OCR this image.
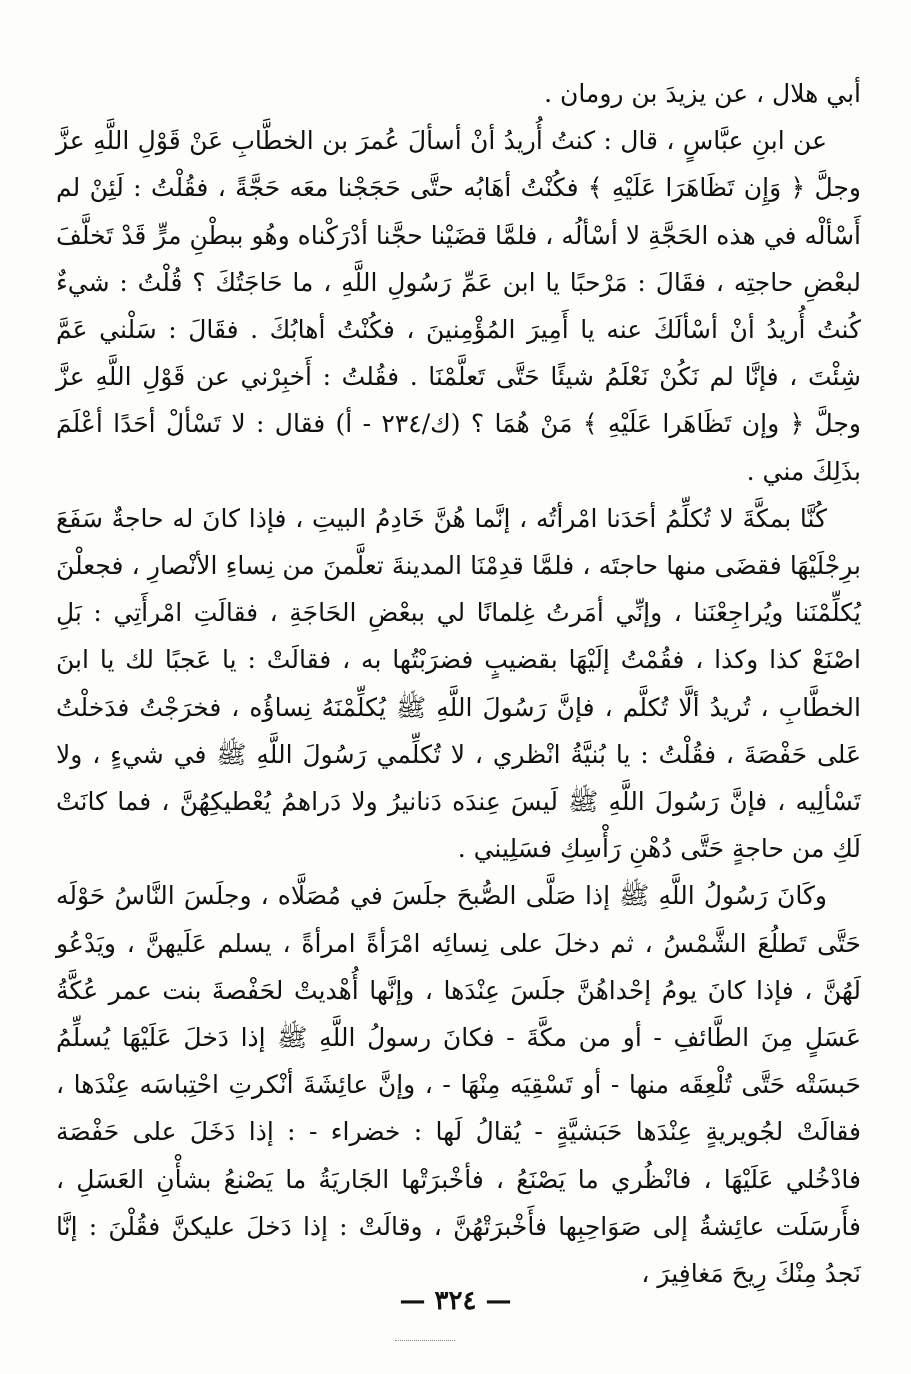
أبي هلال ، عن يزيدَ بن رومان .

عن ابنِ عبَّاسٍ ، قال : كنتُ أُريدُ أنْ أسألَ عُمرَ بن الخطَّابِ عَنْ قَوْلِ اللَّهِ عزَّ وجلَّ ﴿ وَإِن تَظَاهَرَا عَلَيْهِ ﴾ فكُنْتُ أهَابُه حتَّى حَجَجْنا معَه حَجَّةً ، فقُلْتُ : لَئِنْ لم أَسْألْه في هذه الحَجَّةِ لا أسْألُه ، فلمَّا قضَيْنا حجَّنا أدْرَكْناه وهُو ببطْنِ مرٍّ قَدْ تَخلَّفَ لبعْضِ حاجتِه ، فقَالَ : مَرْحبًا يا ابن عَمِّ رَسُولِ اللَّهِ ، ما حَاجَتُكَ ؟ قُلْتُ : شيءٌ كُنتُ أُريدُ أنْ أسْألَكَ عنه يا أَمِيرَ المُؤْمِنينَ ، فكُنْتُ أهابُكَ . فقَالَ : سَلْني عَمَّ شِئْتَ ، فإنَّا لم نَكُنْ نَعْلَمُ شيئًا حَتَّى تَعلَّمْنَا . فقُلتُ : أَخبِرْني عن قَوْلِ اللَّهِ عزَّ وجلَّ ﴿ وإن تَظَاهَرا عَلَيْهِ ﴾ مَنْ هُمَا ؟ (ك/٢٣٤ - أ) فقال : لا تَسْألْ أحَدًا أعْلَمَ بذَلِكَ مني .

كُنَّا بمكَّةَ لا تُكلِّمُ أحَدَنا امْرأتُه ، إنَّما هُنَّ خَادِمُ البيتِ ، فإذا كانَ له حاجةٌ سَفَعَ برِجْلَيْهَا فقضَى منها حاجتَه ، فلمَّا قدِمْنَا المدينةَ تعلَّمنَ من نِساءِ الأنْصارِ ، فجعلْنَ يُكلِّمْنَنا ويُراجِعْنَنا ، وإنِّي أمَرتُ غِلمانًا لي ببعْضِ الحَاجَةِ ، فقالَتِ امْرأَتِي : بَلِ اصْنَعْ كذا وكذا ، فقُمْتُ إلَيْهَا بقضيبٍ فضرَبْتُها به ، فقالَتْ : يا عَجبًا لك يا ابنَ الخطَّابِ ، تُريدُ ألَّا تُكلَّم ، فإنَّ رَسُولَ اللَّهِ ﷺ يُكلِّمْنَهُ نِساؤُه ، فخرَجْتُ فدَخلْتُ عَلى حَفْصَةَ ، فقُلْتُ : يا بُنيَّةُ انْظري ، لا تُكلِّمي رَسُولَ اللَّهِ ﷺ في شيءٍ ، ولا تَسْألِيه ، فإنَّ رَسُولَ اللَّهِ ﷺ لَيسَ عِندَه دَنانيرُ ولا دَراهمُ يُعْطيكِهُنَّ ، فما كانَتْ لَكِ من حاجةٍ حَتَّى دُهْنِ رَأْسِكِ فسَلِيني .

وكَانَ رَسُولُ اللَّهِ ﷺ إذا صَلَّى الصُّبحَ جلَسَ في مُصَلَّاه ، وجلَسَ النَّاسُ حَوْلَه حَتَّى تَطلُعَ الشَّمْسُ ، ثم دخلَ على نِسائِه امْرَأةً امرأةً ، يسلم عَلَيهنَّ ، ويَدْعُو لَهُنَّ ، فإذا كانَ يومُ إحْداهُنَّ جلَسَ عِنْدَها ، وإنَّها أُهْديتْ لحَفْصةَ بنت عمر عُكَّةُ عَسَلٍ مِنَ الطَّائفِ - أو من مكَّةَ - فكانَ رسولُ اللَّهِ ﷺ إذا دَخلَ عَلَيْهَا يُسلِّمُ حَبسَتْه حَتَّى تُلْعِقَه منها - أو تَسْقِيَه مِنْهَا - ، وإنَّ عائِشَةَ أنْكرتِ احْتِباسَه عِنْدَها ، فقالَتْ لجُويريةٍ عِنْدَها حَبَشيَّةٍ - يُقالُ لَها : خضراء - : إذا دَخَلَ على حَفْصَة فادْخُلي عَلَيْهَا ، فانْظُري ما يَصْنَعُ ، فأخْبرَتْها الجَاريَةُ ما يَصْنعُ بشأْنِ العَسَلِ ، فأَرسَلَت عائِشةُ إلى صَوَاحِبِها فأَخْبرَتْهُنَّ ، وقالَتْ : إذا دَخلَ عليكنَّ فقُلْنَ : إنَّا نَجدُ مِنْكَ رِيحَ مَغافِيرَ ،

— ٣٢٤ —
